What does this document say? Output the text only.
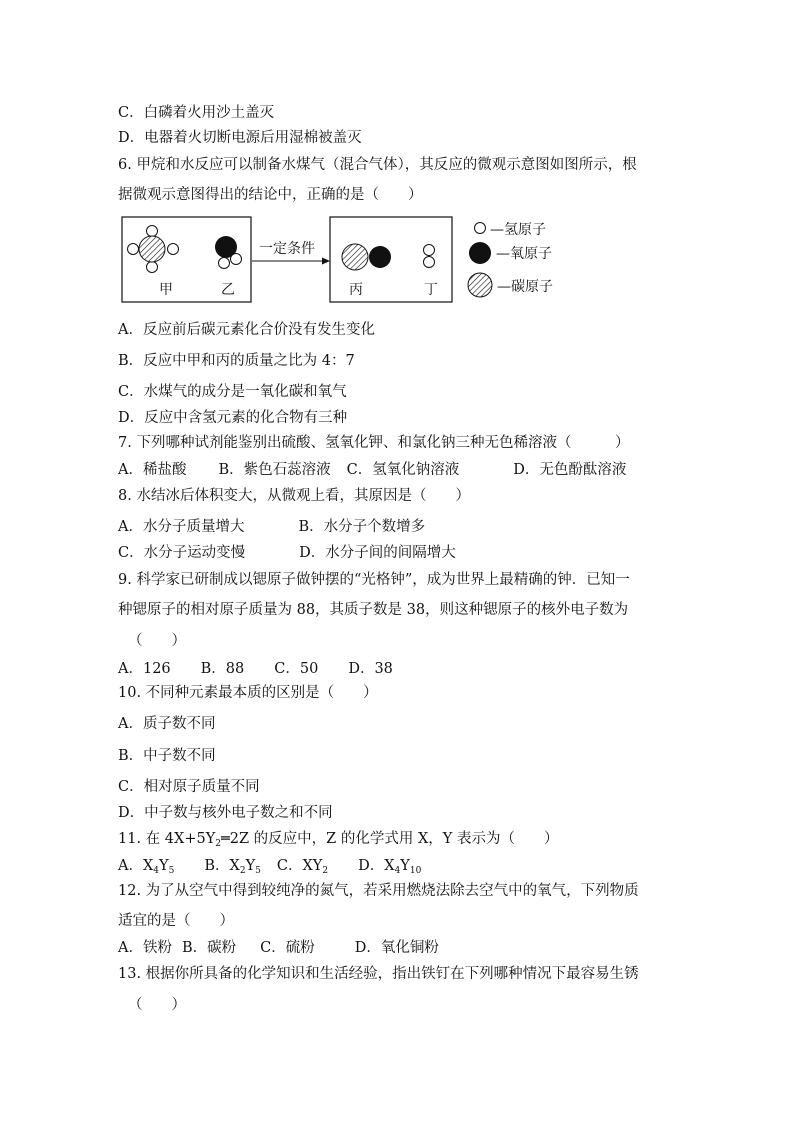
C．白磷着火用沙土盖灭
D．电器着火切断电源后用湿棉被盖灭
6. 甲烷和水反应可以制备水煤气（混合气体），其反应的微观示意图如图所示，根
据微观示意图得出的结论中，正确的是（　　）
甲	乙
一定条件
丙	丁
—氢原子
—氧原子
—碳原子
A．反应前后碳元素化合价没有发生变化
B．反应中甲和丙的质量之比为 4：7
C．水煤气的成分是一氧化碳和氧气
D．反应中含氢元素的化合物有三种
7. 下列哪种试剂能鉴别出硫酸、氢氧化钾、和氯化钠三种无色稀溶液（　　　）
A．稀盐酸 B．紫色石蕊溶液 C．氢氧化钠溶液	D．无色酚酞溶液
8. 水结冰后体积变大，从微观上看，其原因是（　　）
A．水分子质量增大	B．水分子个数增多
C．水分子运动变慢	D．水分子间的间隔增大
9. 科学家已研制成以锶原子做钟摆的“光格钟”，成为世界上最精确的钟．已知一
种锶原子的相对原子质量为 88，其质子数是 38，则这种锶原子的核外电子数为
（　　）
A．126 B．88 C．50 D．38
10. 不同种元素最本质的区别是（　　）
A．质子数不同
B．中子数不同
C．相对原子质量不同
D．中子数与核外电子数之和不同
11. 在 $4X+5Y_2═2Z$ 的反应中，Z 的化学式用 X，Y 表示为（　　）
A．$X_4Y_5$ B．$X_2Y_5$ C．$XY_2$ D．$X_4Y_{10}$
12. 为了从空气中得到较纯净的氮气，若采用燃烧法除去空气中的氧气，下列物质
适宜的是（　　）
A．铁粉 B．碳粉 C．硫粉	D．氧化铜粉
13. 根据你所具备的化学知识和生活经验，指出铁钉在下列哪种情况下最容易生锈
（　　）
